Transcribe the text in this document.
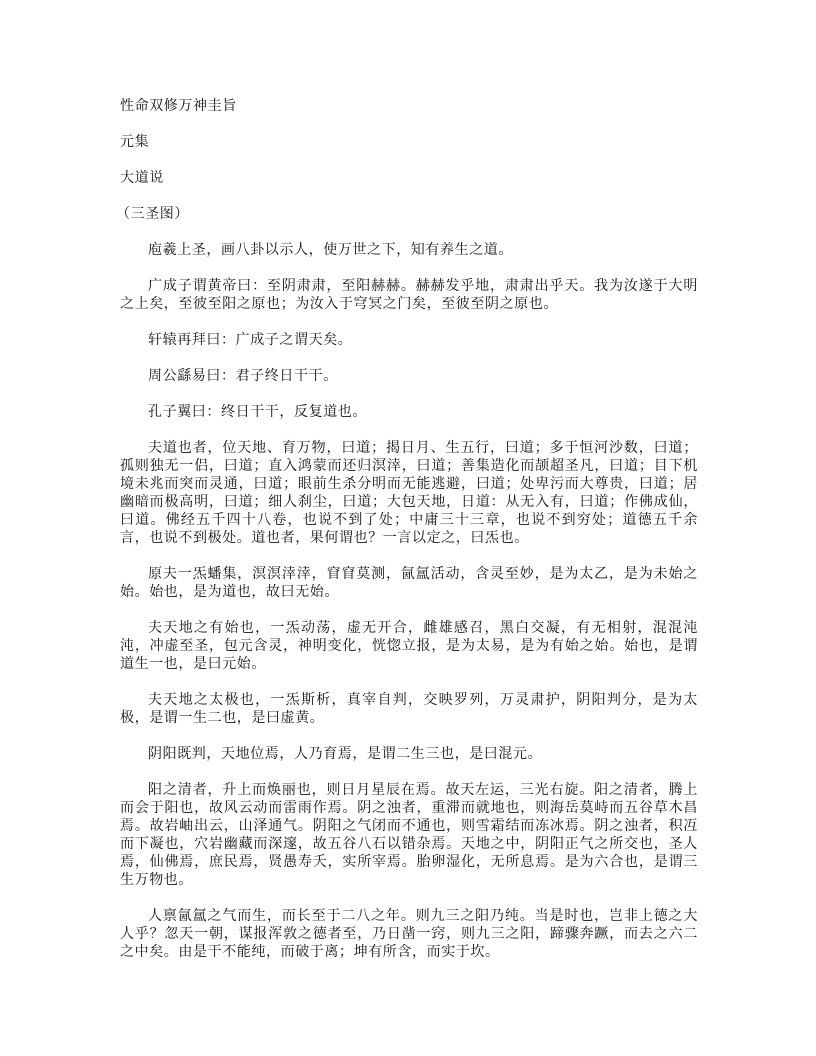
性命双修万神圭旨

元集

大道说

（三圣图）

庖羲上圣，画八卦以示人，使万世之下，知有养生之道。

广成子谓黄帝曰：至阴肃肃，至阳赫赫。赫赫发乎地，肃肃出乎天。我为汝遂于大明之上矣，至彼至阳之原也；为汝入于穹冥之门矣，至彼至阴之原也。

轩辕再拜曰：广成子之谓天矣。

周公繇易曰：君子终日干干。

孔子翼曰：终日干干，反复道也。

夫道也者，位天地、育万物，曰道；揭日月、生五行，曰道；多于恒河沙数，曰道；孤则独无一侣，曰道；直入鸿蒙而还归溟涬，曰道；善集造化而颉超圣凡，曰道；目下机境未兆而突而灵通，曰道；眼前生杀分明而无能逃避，曰道；处卑污而大尊贵，曰道；居幽暗而极高明，曰道；细人刹尘，曰道；大包天地，日道：从无入有，曰道；作佛成仙，曰道。佛经五千四十八卷，也说不到了处；中庸三十三章，也说不到穷处；道德五千余言，也说不到极处。道也者，果何谓也？一言以定之，曰炁也。

原夫一炁蟠集，溟溟涬涬，窅窅莫测，氤氲活动，含灵至妙，是为太乙，是为未始之始。始也，是为道也，故曰无始。

夫天地之有始也，一炁动荡，虚无开合，雌雄感召，黑白交凝，有无相射，混混沌沌，冲虚至圣，包元含灵，神明变化，恍惚立报，是为太易，是为有始之始。始也，是谓道生一也，是曰元始。

夫天地之太极也，一炁斯析，真宰自判，交映罗列，万灵肃护，阴阳判分，是为太极，是谓一生二也，是曰虚黄。

阴阳既判，天地位焉，人乃育焉，是谓二生三也，是曰混元。

阳之清者，升上而焕丽也，则日月星辰在焉。故天左运，三光右旋。阳之清者，腾上而会于阳也，故风云动而雷雨作焉。阴之浊者，重滞而就地也，则海岳莫峙而五谷草木昌焉。故岩岫出云，山泽通气。阴阳之气闭而不通也，则雪霜结而冻冰焉。阴之浊者，积冱而下凝也，穴岩幽藏而深邃，故五谷八石以错杂焉。天地之中，阴阳正气之所交也，圣人焉，仙佛焉，庶民焉，贤愚寿夭，实所宰焉。胎卵湿化，无所息焉。是为六合也，是谓三生万物也。

人禀氤氲之气而生，而长至于二八之年。则九三之阳乃纯。当是时也，岂非上德之大人乎？忽天一朝，谋报浑敦之德者至，乃日凿一窍，则九三之阳，蹄骤奔蹶，而去之六二之中矣。由是干不能纯，而破于离；坤有所含，而实于坎。
